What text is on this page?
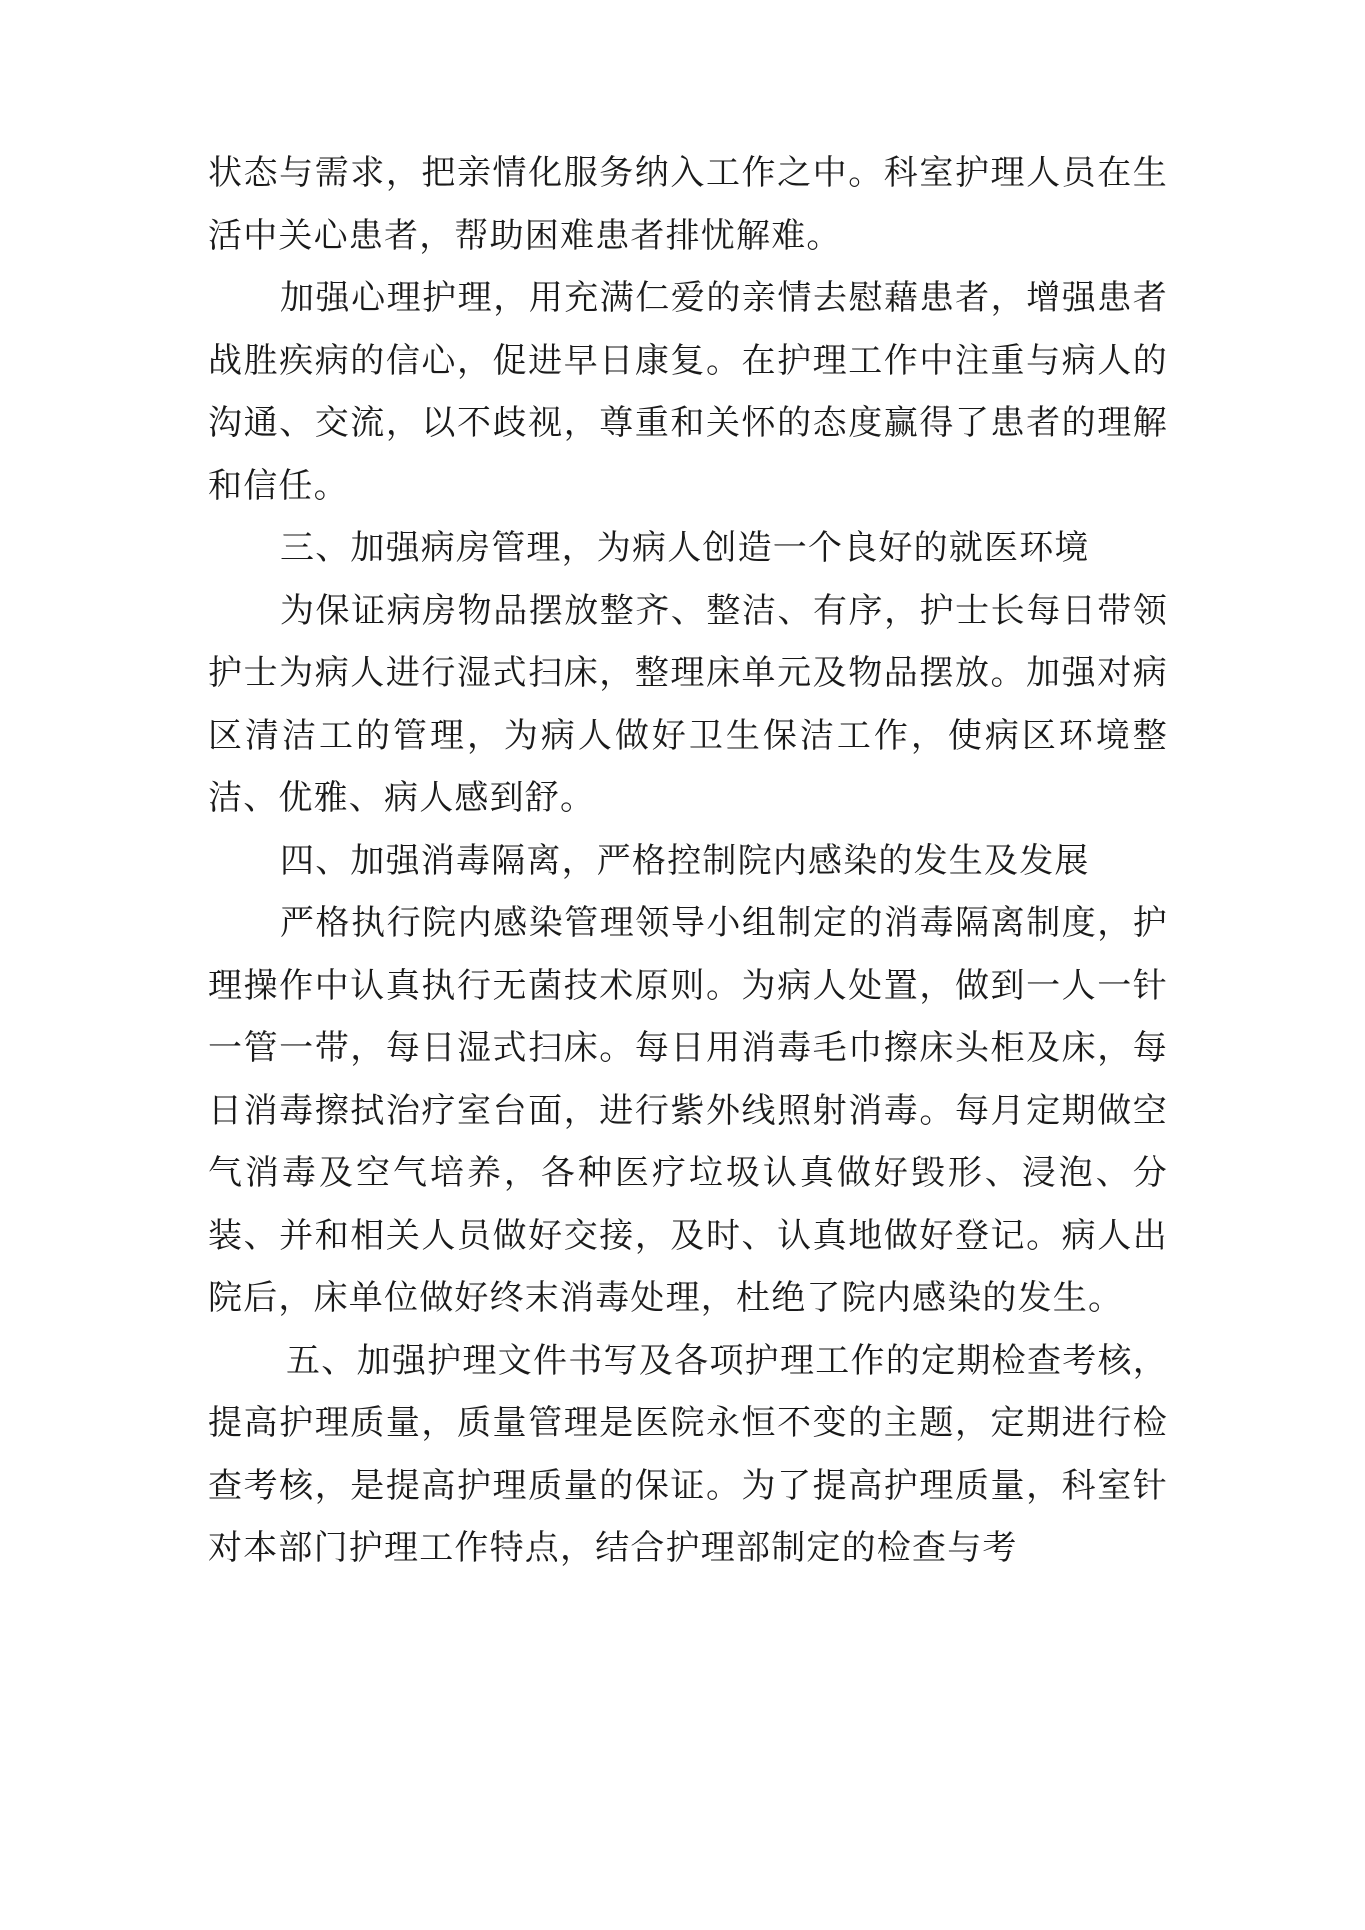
状态与需求，把亲情化服务纳入工作之中。科室护理人员在生活中关心患者，帮助困难患者排忧解难。

加强心理护理，用充满仁爱的亲情去慰藉患者，增强患者战胜疾病的信心，促进早日康复。在护理工作中注重与病人的沟通、交流，以不歧视，尊重和关怀的态度赢得了患者的理解和信任。

三、加强病房管理，为病人创造一个良好的就医环境

为保证病房物品摆放整齐、整洁、有序，护士长每日带领护士为病人进行湿式扫床，整理床单元及物品摆放。加强对病区清洁工的管理，为病人做好卫生保洁工作，使病区环境整洁、优雅、病人感到舒。

四、加强消毒隔离，严格控制院内感染的发生及发展

严格执行院内感染管理领导小组制定的消毒隔离制度，护理操作中认真执行无菌技术原则。为病人处置，做到一人一针一管一带，每日湿式扫床。每日用消毒毛巾擦床头柜及床，每日消毒擦拭治疗室台面，进行紫外线照射消毒。每月定期做空气消毒及空气培养，各种医疗垃圾认真做好毁形、浸泡、分装、并和相关人员做好交接，及时、认真地做好登记。病人出院后，床单位做好终末消毒处理，杜绝了院内感染的发生。

五、加强护理文件书写及各项护理工作的定期检查考核，提高护理质量，质量管理是医院永恒不变的主题，定期进行检查考核，是提高护理质量的保证。为了提高护理质量，科室针对本部门护理工作特点，结合护理部制定的检查与考
